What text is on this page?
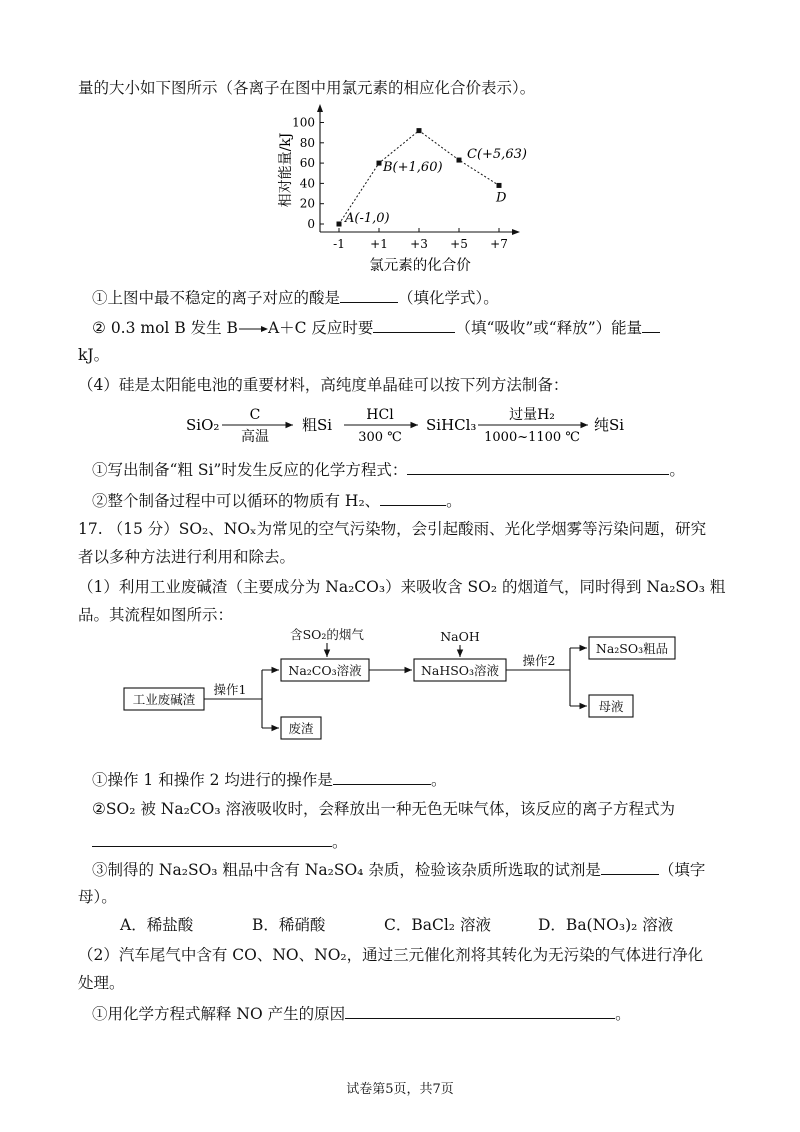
量的大小如下图所示（各离子在图中用氯元素的相应化合价表示）。
0
20
40
60
80
100
-1 +1 +3 +5 +7
氯元素的化合价
相对能量/kJ
A(-1,0)
B(+1,60)
C(+5,63)
D
①上图中最不稳定的离子对应的酸是	（填化学式）。
② 0.3 mol B 发生 B→A＋C 反应时要	（填“吸收”或“释放”）能量
kJ。
（4）硅是太阳能电池的重要材料，高纯度单晶硅可以按下列方法制备：
SiO₂
C
高温
粗Si
HCl
300 ℃
SiHCl₃
过量H₂
1000~1100 ℃
纯Si
①写出制备“粗 Si”时发生反应的化学方程式：	。
②整个制备过程中可以循环的物质有 H₂、	。
17. （15 分）SO₂、NOₓ为常见的空气污染物，会引起酸雨、光化学烟雾等污染问题，研究
者以多种方法进行利用和除去。
（1）利用工业废碱渣（主要成分为 Na₂CO₃）来吸收含 SO₂ 的烟道气，同时得到 Na₂SO₃ 粗
品。其流程如图所示：
工业废碱渣
操作1
Na₂CO₃溶液
含SO₂的烟气
废渣
NaOH
NaHSO₃溶液
操作2
Na₂SO₃粗品
母液
①操作 1 和操作 2 均进行的操作是	。
②SO₂ 被 Na₂CO₃ 溶液吸收时，会释放出一种无色无味气体，该反应的离子方程式为
。
③制得的 Na₂SO₃ 粗品中含有 Na₂SO₄ 杂质，检验该杂质所选取的试剂是	（填字
母）。
A．稀盐酸	B．稀硝酸	C．BaCl₂ 溶液	D．Ba(NO₃)₂ 溶液
（2）汽车尾气中含有 CO、NO、NO₂，通过三元催化剂将其转化为无污染的气体进行净化
处理。
①用化学方程式解释 NO 产生的原因	。
试卷第5页，共7页
